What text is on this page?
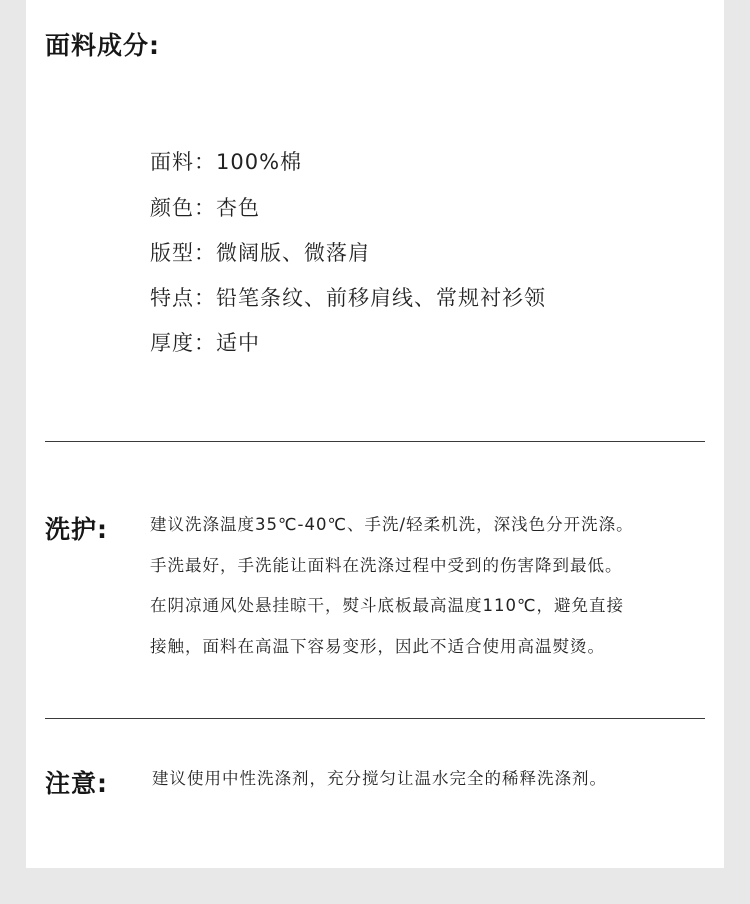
面料成分:
面料：100%棉
颜色：杏色
版型：微阔版、微落肩
特点：铅笔条纹、前移肩线、常规衬衫领
厚度：适中
洗护:	建议洗涤温度35℃-40℃、手洗/轻柔机洗，深浅色分开洗涤。
手洗最好，手洗能让面料在洗涤过程中受到的伤害降到最低。
在阴凉通风处悬挂晾干，熨斗底板最高温度110℃，避免直接
接触，面料在高温下容易变形，因此不适合使用高温熨烫。
注意:	建议使用中性洗涤剂，充分搅匀让温水完全的稀释洗涤剂。
